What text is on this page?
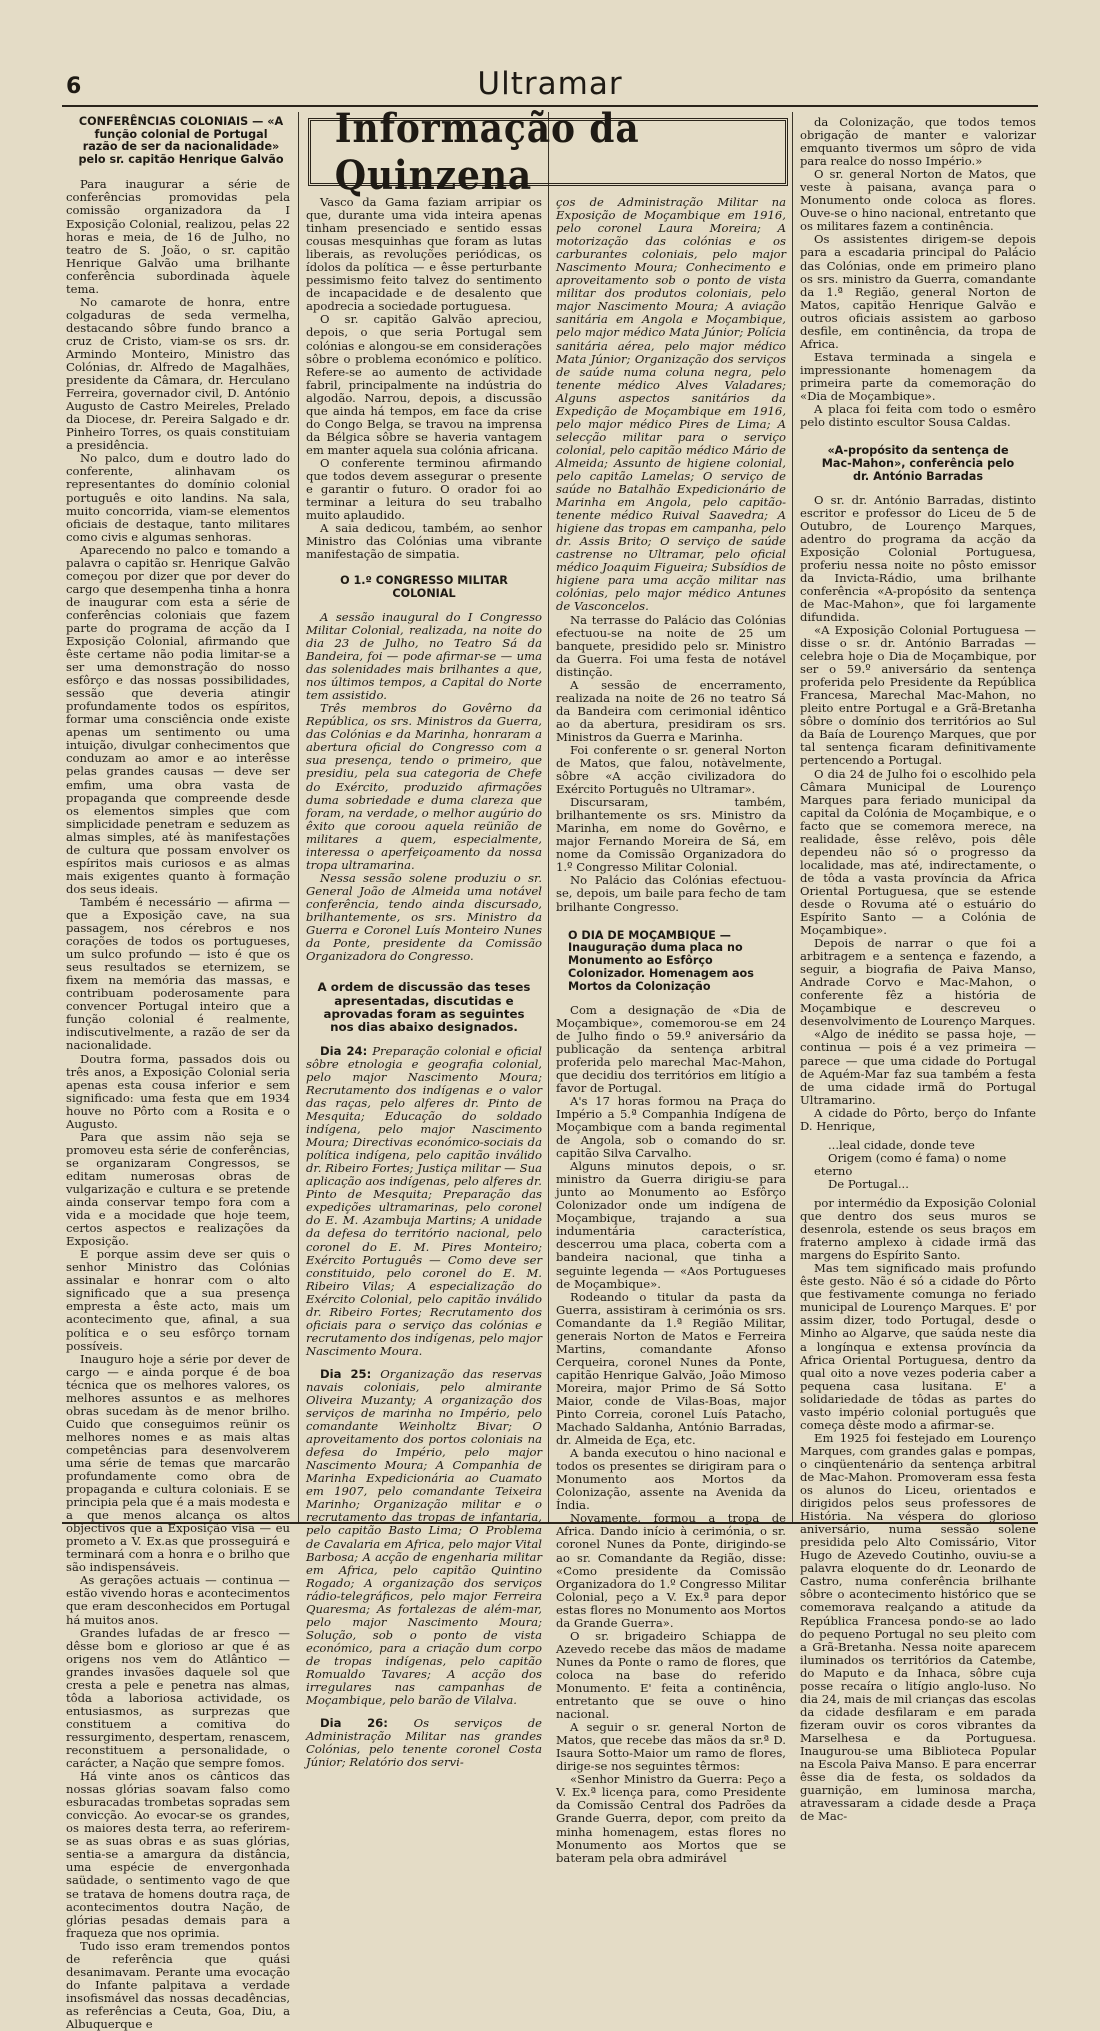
6	Ultramar
CONFERÊNCIAS COLONIAIS — «A função colonial de Portugal razão de ser da nacionalidade» pelo sr. capitão Henrique Galvão

Para inaugurar a série de conferências promovidas pela comissão organizadora da I Exposição Colonial, realizou, pelas 22 horas e meia, de 16 de Julho, no teatro de S. João, o sr. capitão Henrique Galvão uma brilhante conferência subordinada àquele tema.

No camarote de honra, entre colgaduras de seda vermelha, destacando sôbre fundo branco a cruz de Cristo, viam-se os srs. dr. Armindo Monteiro, Ministro das Colónias, dr. Alfredo de Magalhães, presidente da Câmara, dr. Herculano Ferreira, governador civil, D. António Augusto de Castro Meireles, Prelado da Diocese, dr. Pereira Salgado e dr. Pinheiro Torres, os quais constituiam a presidência.

No palco, dum e doutro lado do conferente, alinhavam os representantes do domínio colonial português e oito landins. Na sala, muito concorrida, viam-se elementos oficiais de destaque, tanto militares como civis e algumas senhoras.

Aparecendo no palco e tomando a palavra o capitão sr. Henrique Galvão começou por dizer que por dever do cargo que desempenha tinha a honra de inaugurar com esta a série de conferências coloniais que fazem parte do programa de acção da I Exposição Colonial, afirmando que êste certame não podia limitar-se a ser uma demonstração do nosso esfôrço e das nossas possibilidades, sessão que deveria atingir profundamente todos os espíritos, formar uma consciência onde existe apenas um sentimento ou uma intuição, divulgar conhecimentos que conduzam ao amor e ao interêsse pelas grandes causas — deve ser emfim, uma obra vasta de propaganda que compreende desde os elementos simples que com simplicidade penetram e seduzem as almas simples, até às manifestações de cultura que possam envolver os espíritos mais curiosos e as almas mais exigentes quanto à formação dos seus ideais.

Também é necessário — afirma — que a Exposição cave, na sua passagem, nos cérebros e nos corações de todos os portugueses, um sulco profundo — isto é que os seus resultados se eternizem, se fixem na memória das massas, e contribuam poderosamente para convencer Portugal inteiro que a função colonial é realmente, indiscutivelmente, a razão de ser da nacionalidade.

Doutra forma, passados dois ou três anos, a Exposição Colonial seria apenas esta cousa inferior e sem significado: uma festa que em 1934 houve no Pôrto com a Rosita e o Augusto.

Para que assim não seja se promoveu esta série de conferências, se organizaram Congressos, se editam numerosas obras de vulgarização e cultura e se pretende ainda conservar tempo fora com a vida e a mocidade que hoje teem, certos aspectos e realizações da Exposição.

E porque assim deve ser quis o senhor Ministro das Colónias assinalar e honrar com o alto significado que a sua presença empresta a êste acto, mais um acontecimento que, afinal, a sua política e o seu esfôrço tornam possíveis.

Inauguro hoje a série por dever de cargo — e ainda porque é de boa técnica que os melhores valores, os melhores assuntos e as melhores obras sucedam às de menor brilho. Cuido que conseguimos reünir os melhores nomes e as mais altas competências para desenvolverem uma série de temas que marcarão profundamente como obra de propaganda e cultura coloniais. E se principia pela que é a mais modesta e a que menos alcança os altos objectivos que a Exposição visa — eu prometo a V. Ex.as que prosseguirá e terminará com a honra e o brilho que são indispensáveis.

As gerações actuais — continua — estão vivendo horas e acontecimentos que eram desconhecidos em Portugal há muitos anos.

Grandes lufadas de ar fresco — dêsse bom e glorioso ar que é as origens nos vem do Atlântico — grandes invasões daquele sol que cresta a pele e penetra nas almas, tôda a laboriosa actividade, os entusiasmos, as surprezas que constituem a comitiva do ressurgimento, despertam, renascem, reconstituem a personalidade, o carácter, a Nação que sempre fomos.

Há vinte anos os cânticos das nossas glórias soavam falso como esburacadas trombetas sopradas sem convicção. Ao evocar-se os grandes, os maiores desta terra, ao referirem-se as suas obras e as suas glórias, sentia-se a amargura da distância, uma espécie de envergonhada saüdade, o sentimento vago de que se tratava de homens doutra raça, de acontecimentos doutra Nação, de glórias pesadas demais para a fraqueza que nos oprimia.

Tudo isso eram tremendos pontos de referência que quási desanimavam. Perante uma evocação do Infante palpitava a verdade insofismável das nossas decadências, as referências a Ceuta, Goa, Diu, a Albuquerque e

Informação da Quinzena

Vasco da Gama faziam arripiar os que, durante uma vida inteira apenas tinham presenciado e sentido essas cousas mesquinhas que foram as lutas liberais, as revoluções periódicas, os ídolos da política — e êsse perturbante pessimismo feito talvez do sentimento de incapacidade e de desalento que apodrecia a sociedade portuguesa.

O sr. capitão Galvão apreciou, depois, o que seria Portugal sem colónias e alongou-se em considerações sôbre o problema económico e político. Refere-se ao aumento de actividade fabril, principalmente na indústria do algodão. Narrou, depois, a discussão que ainda há tempos, em face da crise do Congo Belga, se travou na imprensa da Bélgica sôbre se haveria vantagem em manter aquela sua colónia africana.

O conferente terminou afirmando que todos devem assegurar o presente e garantir o futuro. O orador foi ao terminar a leitura do seu trabalho muito aplaudido.

A saia dedicou, também, ao senhor Ministro das Colónias uma vibrante manifestação de simpatia.

O 1.º CONGRESSO MILITAR COLONIAL

A sessão inaugural do I Congresso Militar Colonial, realizada, na noite do dia 23 de Julho, no Teatro Sá da Bandeira, foi — pode afirmar-se — uma das solenidades mais brilhantes a que, nos últimos tempos, a Capital do Norte tem assistido.

Três membros do Govêrno da República, os srs. Ministros da Guerra, das Colónias e da Marinha, honraram a abertura oficial do Congresso com a sua presença, tendo o primeiro, que presidiu, pela sua categoria de Chefe do Exército, produzido afirmações duma sobriedade e duma clareza que foram, na verdade, o melhor augúrio do êxito que coroou aquela reünião de militares a quem, especialmente, interessa o aperfeiçoamento da nossa tropa ultramarina.

Nessa sessão solene produziu o sr. General João de Almeida uma notável conferência, tendo ainda discursado, brilhantemente, os srs. Ministro da Guerra e Coronel Luís Monteiro Nunes da Ponte, presidente da Comissão Organizadora do Congresso.

A ordem de discussão das teses apresentadas, discutidas e aprovadas foram as seguintes nos dias abaixo designados.

Dia 24: Preparação colonial e oficial sôbre etnologia e geografia colonial, pelo major Nascimento Moura; Recrutamento dos indígenas e o valor das raças, pelo alferes dr. Pinto de Mesquita; Educação do soldado indígena, pelo major Nascimento Moura; Directivas económico-sociais da política indígena, pelo capitão inválido dr. Ribeiro Fortes; Justiça militar — Sua aplicação aos indígenas, pelo alferes dr. Pinto de Mesquita; Preparação das expedições ultramarinas, pelo coronel do E. M. Azambuja Martins; A unidade da defesa do território nacional, pelo coronel do E. M. Pires Monteiro; Exército Português — Como deve ser constituido, pelo coronel do E. M. Ribeiro Vilas; A especialização do Exército Colonial, pelo capitão inválido dr. Ribeiro Fortes; Recrutamento dos oficiais para o serviço das colónias e recrutamento dos indígenas, pelo major Nascimento Moura.

Dia 25: Organização das reservas navais coloniais, pelo almirante Oliveira Muzanty; A organização dos serviços de marinha no Império, pelo comandante Weinholtz Bivar; O aproveitamento dos portos coloniais na defesa do Império, pelo major Nascimento Moura; A Companhia de Marinha Expedicionária ao Cuamato em 1907, pelo comandante Teixeira Marinho; Organização militar e o recrutamento das tropas de infantaria, pelo capitão Basto Lima; O Problema de Cavalaria em Africa, pelo major Vital Barbosa; A acção de engenharia militar em Africa, pelo capitão Quintino Rogado; A organização dos serviços rádio-telegráficos, pelo major Ferreira Quaresma; As fortalezas de além-mar, pelo major Nascimento Moura; Solução, sob o ponto de vista económico, para a criação dum corpo de tropas indígenas, pelo capitão Romualdo Tavares; A acção dos irregulares nas campanhas de Moçambique, pelo barão de Vilalva.

Dia 26: Os serviços de Administração Militar nas grandes Colónias, pelo tenente coronel Costa Júnior; Relatório dos servi-

ços de Administração Militar na Exposição de Moçambique em 1916, pelo coronel Laura Moreira; A motorização das colónias e os carburantes coloniais, pelo major Nascimento Moura; Conhecimento e aproveitamento sob o ponto de vista militar dos produtos coloniais, pelo major Nascimento Moura; A aviação sanitária em Angola e Moçambique, pelo major médico Mata Júnior; Polícia sanitária aérea, pelo major médico Mata Júnior; Organização dos serviços de saúde numa coluna negra, pelo tenente médico Alves Valadares; Alguns aspectos sanitários da Expedição de Moçambique em 1916, pelo major médico Pires de Lima; A selecção militar para o serviço colonial, pelo capitão médico Mário de Almeida; Assunto de higiene colonial, pelo capitão Lamelas; O serviço de saúde no Batalhão Expedicionário de Marinha em Angola, pelo capitão-tenente médico Ruival Saavedra; A higiene das tropas em campanha, pelo dr. Assis Brito; O serviço de saúde castrense no Ultramar, pelo oficial médico Joaquim Figueira; Subsídios de higiene para uma acção militar nas colónias, pelo major médico Antunes de Vasconcelos.

Na terrasse do Palácio das Colónias efectuou-se na noite de 25 um banquete, presidido pelo sr. Ministro da Guerra. Foi uma festa de notável distinção.

A sessão de encerramento, realizada na noite de 26 no teatro Sá da Bandeira com cerimonial idêntico ao da abertura, presidiram os srs. Ministros da Guerra e Marinha.

Foi conferente o sr. general Norton de Matos, que falou, notàvelmente, sôbre «A acção civilizadora do Exército Português no Ultramar».

Discursaram, também, brilhantemente os srs. Ministro da Marinha, em nome do Govêrno, e major Fernando Moreira de Sá, em nome da Comissão Organizadora do 1.º Congresso Militar Colonial.

No Palácio das Colónias efectuou-se, depois, um baile para fecho de tam brilhante Congresso.

O DIA DE MOÇAMBIQUE — Inauguração duma placa no Monumento ao Esfôrço Colonizador. Homenagem aos Mortos da Colonização

Com a designação de «Dia de Moçambique», comemorou-se em 24 de Julho findo o 59.º aniversário da publicação da sentença arbitral proferida pelo marechal Mac-Mahon, que decidiu dos territórios em litígio a favor de Portugal.

A's 17 horas formou na Praça do Império a 5.ª Companhia Indígena de Moçambique com a banda regimental de Angola, sob o comando do sr. capitão Silva Carvalho.

Alguns minutos depois, o sr. ministro da Guerra dirigiu-se para junto ao Monumento ao Esfôrço Colonizador onde um indígena de Moçambique, trajando a sua indumentária característica, descerrou uma placa, coberta com a bandeira nacional, que tinha a seguinte legenda — «Aos Portugueses de Moçambique».

Rodeando o titular da pasta da Guerra, assistiram à cerimónia os srs. Comandante da 1.ª Região Militar, generais Norton de Matos e Ferreira Martins, comandante Afonso Cerqueira, coronel Nunes da Ponte, capitão Henrique Galvão, João Mimoso Moreira, major Primo de Sá Sotto Maior, conde de Vilas-Boas, major Pinto Correia, coronel Luís Patacho, Machado Saldanha, António Barradas, dr. Almeida de Eça, etc.

A banda executou o hino nacional e todos os presentes se dirigiram para o Monumento aos Mortos da Colonização, assente na Avenida da Índia.

Novamente, formou a tropa de Africa. Dando início à cerimónia, o sr. coronel Nunes da Ponte, dirigindo-se ao sr. Comandante da Região, disse: «Como presidente da Comissão Organizadora do 1.º Congresso Militar Colonial, peço a V. Ex.ª para depor estas flores no Monumento aos Mortos da Grande Guerra».

O sr. brigadeiro Schiappa de Azevedo recebe das mãos de madame Nunes da Ponte o ramo de flores, que coloca na base do referido Monumento. E' feita a continência, entretanto que se ouve o hino nacional.

A seguir o sr. general Norton de Matos, que recebe das mãos da sr.ª D. Isaura Sotto-Maior um ramo de flores, dirige-se nos seguintes têrmos:

«Senhor Ministro da Guerra: Peço a V. Ex.ª licença para, como Presidente da Comissão Central dos Padrões da Grande Guerra, depor, com preito da minha homenagem, estas flores no Monumento aos Mortos que se bateram pela obra admirável

da Colonização, que todos temos obrigação de manter e valorizar emquanto tivermos um sôpro de vida para realce do nosso Império.»

O sr. general Norton de Matos, que veste à paisana, avança para o Monumento onde coloca as flores. Ouve-se o hino nacional, entretanto que os militares fazem a continência.

Os assistentes dirigem-se depois para a escadaria principal do Palácio das Colónias, onde em primeiro plano os srs. ministro da Guerra, comandante da 1.ª Região, general Norton de Matos, capitão Henrique Galvão e outros oficiais assistem ao garboso desfile, em continência, da tropa de Africa.

Estava terminada a singela e impressionante homenagem da primeira parte da comemoração do «Dia de Moçambique».

A placa foi feita com todo o esmêro pelo distinto escultor Sousa Caldas.

«A-propósito da sentença de Mac-Mahon», conferência pelo dr. António Barradas

O sr. dr. António Barradas, distinto escritor e professor do Liceu de 5 de Outubro, de Lourenço Marques, adentro do programa da acção da Exposição Colonial Portuguesa, proferiu nessa noite no pôsto emissor da Invicta-Rádio, uma brilhante conferência «A-propósito da sentença de Mac-Mahon», que foi largamente difundida.

«A Exposição Colonial Portuguesa — disse o sr. dr. António Barradas — celebra hoje o Dia de Moçambique, por ser o 59.º aniversário da sentença proferida pelo Presidente da República Francesa, Marechal Mac-Mahon, no pleito entre Portugal e a Grã-Bretanha sôbre o domínio dos territórios ao Sul da Baía de Lourenço Marques, que por tal sentença ficaram definitivamente pertencendo a Portugal.

O dia 24 de Julho foi o escolhido pela Câmara Municipal de Lourenço Marques para feriado municipal da capital da Colónia de Moçambique, e o facto que se comemora merece, na realidade, êsse relêvo, pois dêle dependeu não só o progresso da localidade, mas até, indirectamente, o de tôda a vasta província da Africa Oriental Portuguesa, que se estende desde o Rovuma até o estuário do Espírito Santo — a Colónia de Moçambique».

Depois de narrar o que foi a arbitragem e a sentença e fazendo, a seguir, a biografia de Paiva Manso, Andrade Corvo e Mac-Mahon, o conferente fêz a história de Moçambique e descreveu o desenvolvimento de Lourenço Marques.

«Algo de inédito se passa hoje, — continua — pois é a vez primeira — parece — que uma cidade do Portugal de Aquém-Mar faz sua também a festa de uma cidade irmã do Portugal Ultramarino.

A cidade do Pôrto, berço do Infante D. Henrique,

...leal cidade, donde teve

Origem (como é fama) o nome eterno

De Portugal...

por intermédio da Exposição Colonial que dentro dos seus muros se desenrola, estende os seus braços em fraterno amplexo à cidade irmã das margens do Espírito Santo.

Mas tem significado mais profundo êste gesto. Não é só a cidade do Pôrto que festivamente comunga no feriado municipal de Lourenço Marques. E' por assim dizer, todo Portugal, desde o Minho ao Algarve, que saúda neste dia a longínqua e extensa província da Africa Oriental Portuguesa, dentro da qual oito a nove vezes poderia caber a pequena casa lusitana. E' a solidariedade de tôdas as partes do vasto império colonial português que começa dêste modo a afirmar-se.

Em 1925 foi festejado em Lourenço Marques, com grandes galas e pompas, o cinqüentenário da sentença arbitral de Mac-Mahon. Promoveram essa festa os alunos do Liceu, orientados e dirigidos pelos seus professores de História. Na véspera do glorioso aniversário, numa sessão solene presidida pelo Alto Comissário, Vitor Hugo de Azevedo Coutinho, ouviu-se a palavra eloquente do dr. Leonardo de Castro, numa conferência brilhante sôbre o acontecimento histórico que se comemorava realçando a atitude da República Francesa pondo-se ao lado do pequeno Portugal no seu pleito com a Grã-Bretanha. Nessa noite aparecem iluminados os territórios da Catembe, do Maputo e da Inhaca, sôbre cuja posse recaíra o litígio anglo-luso. No dia 24, mais de mil crianças das escolas da cidade desfilaram e em parada fizeram ouvir os coros vibrantes da Marselhesa e da Portuguesa. Inaugurou-se uma Biblioteca Popular na Escola Paiva Manso. E para encerrar êsse dia de festa, os soldados da guarnição, em luminosa marcha, atravessaram a cidade desde a Praça de Mac-
